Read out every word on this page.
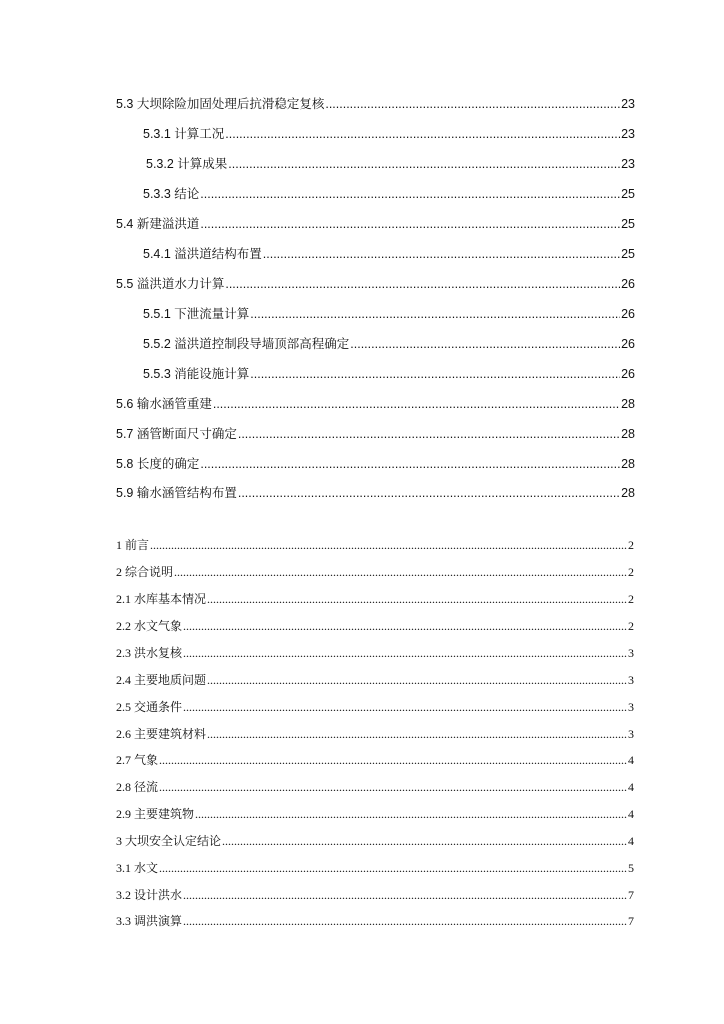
5.3 大坝除险加固处理后抗滑稳定复核 .....	23
5.3.1 计算工况 .....	23
5.3.2 计算成果 .....	23
5.3.3 结论 .....	25
5.4 新建溢洪道 .....	25
5.4.1 溢洪道结构布置 .....	25
5.5 溢洪道水力计算 .....	26
5.5.1 下泄流量计算 .....	26
5.5.2 溢洪道控制段导墙顶部高程确定 .....	26
5.5.3 消能设施计算 .....	26
5.6 输水涵管重建 .....	28
5.7 涵管断面尺寸确定 .....	28
5.8 长度的确定 .....	28
5.9 输水涵管结构布置 .....	28
1 前言 .....	2
2 综合说明 .....	2
2.1 水库基本情况 .....	2
2.2 水文气象 .....	2
2.3 洪水复核 .....	3
2.4 主要地质问题 .....	3
2.5 交通条件 .....	3
2.6 主要建筑材料 .....	3
2.7 气象 .....	4
2.8 径流 .....	4
2.9 主要建筑物 .....	4
3 大坝安全认定结论 .....	4
3.1 水文 .....	5
3.2 设计洪水 .....	7
3.3 调洪演算 .....	7
